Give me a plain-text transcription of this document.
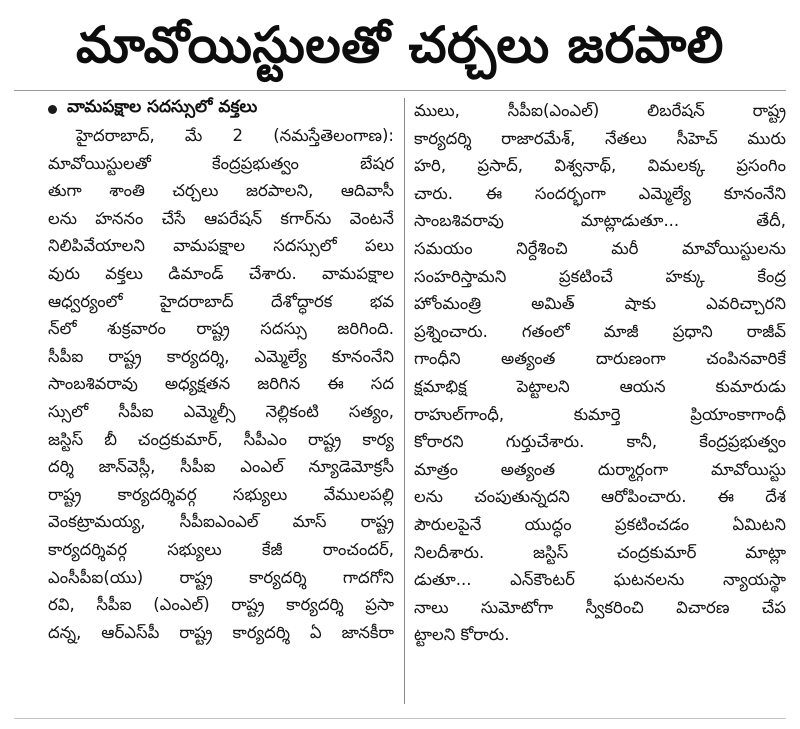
మావోయిస్టులతో చర్చలు జరపాలి
వామపక్షాల సదస్సులో వక్తలు
హైదరాబాద్, మే 2 (నమస్తేతెలంగాణ):
మావోయిస్టులతో కేంద్రప్రభుత్వం బేషర
తుగా శాంతి చర్చలు జరపాలని, ఆదివాసీ
లను హననం చేసే ఆపరేషన్ కగార్‌ను వెంటనే
నిలిపివేయాలని వామపక్షాల సదస్సులో పలు
వురు వక్తలు డిమాండ్ చేశారు. వామపక్షాల
ఆధ్వర్యంలో హైదరాబాద్ దేశోద్ధారక భవ
న్‌లో శుక్రవారం రాష్ట్ర సదస్సు జరిగింది.
సీపీఐ రాష్ట్ర కార్యదర్శి, ఎమ్మెల్యే కూనంనేని
సాంబశివరావు అధ్యక్షతన జరిగిన ఈ సద
స్సులో సీపీఐ ఎమ్మెల్సీ నెల్లికంటి సత్యం,
జస్టిస్ బీ చంద్రకుమార్, సీపీఎం రాష్ట్ర కార్య
దర్శి జాన్‌వెస్లీ, సీపీఐ ఎంఎల్ న్యూడెమోక్రసీ
రాష్ట్ర కార్యదర్శివర్గ సభ్యులు వేములపల్లి
వెంకట్రామయ్య, సీపీఐఎంఎల్ మాస్ రాష్ట్ర
కార్యదర్శివర్గ సభ్యులు కేజీ రాంచందర్,
ఎంసీపీఐ(యు) రాష్ట్ర కార్యదర్శి గాదగోని
రవి, సీపీఐ (ఎంఎల్) రాష్ట్ర కార్యదర్శి ప్రసా
దన్న, ఆర్‌ఎస్‌పీ రాష్ట్ర కార్యదర్శి ఏ జానకీరా
ములు, సీపీఐ(ఎంఎల్) లిబరేషన్ రాష్ట్ర
కార్యదర్శి రాజారమేశ్, నేతలు సీహెచ్ మురు
హరి, ప్రసాద్, విశ్వనాథ్, విమలక్క ప్రసంగిం
చారు. ఈ సందర్భంగా ఎమ్మెల్యే కూనంనేని
సాంబశివరావు మాట్లాడుతూ... తేదీ,
సమయం నిర్దేశించి మరీ మావోయిస్టులను
సంహరిస్తామని ప్రకటించే హక్కు కేంద్ర
హోంమంత్రి అమిత్ షాకు ఎవరిచ్చారని
ప్రశ్నించారు. గతంలో మాజీ ప్రధాని రాజీవ్
గాంధీని అత్యంత దారుణంగా చంపినవారికే
క్షమాభిక్ష పెట్టాలని ఆయన కుమారుడు
రాహుల్‌గాంధీ, కుమార్తె ప్రియాంకాగాంధీ
కోరారని గుర్తుచేశారు. కానీ, కేంద్రప్రభుత్వం
మాత్రం అత్యంత దుర్మార్గంగా మావోయిస్టు
లను చంపుతున్నదని ఆరోపించారు. ఈ దేశ
పౌరులపైనే యుద్ధం ప్రకటించడం ఏమిటని
నిలదీశారు. జస్టిస్ చంద్రకుమార్ మాట్లా
డుతూ... ఎన్‌కౌంటర్ ఘటనలను న్యాయస్థా
నాలు సుమోటోగా స్వీకరించి విచారణ చేప
ట్టాలని కోరారు.
